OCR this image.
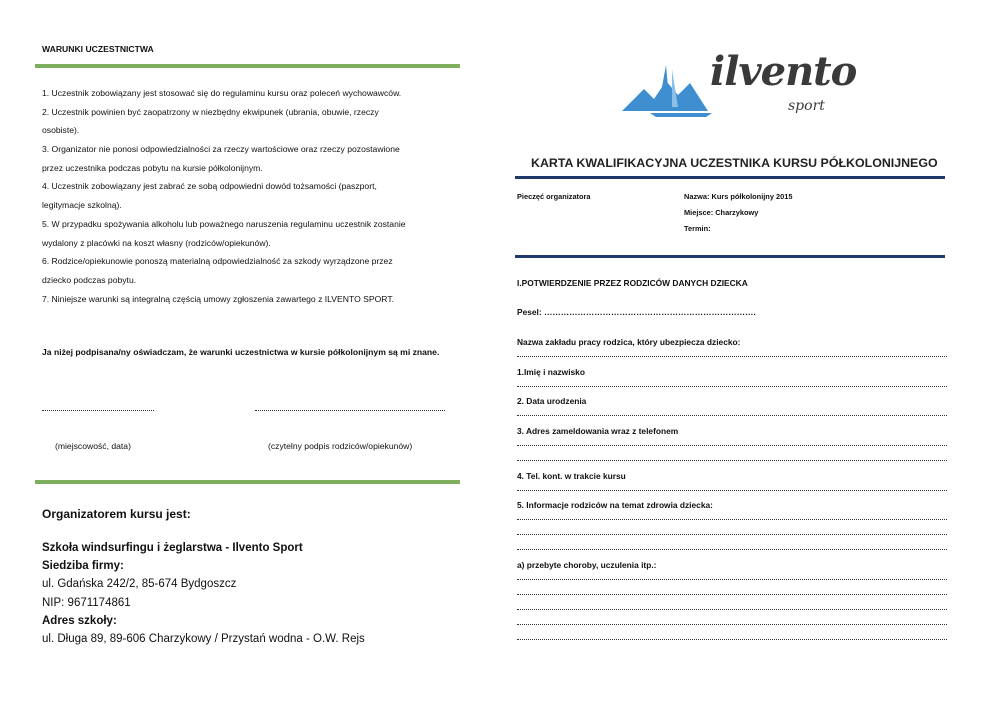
WARUNKI UCZESTNICTWA
1. Uczestnik zobowiązany jest stosować się do regulaminu kursu oraz poleceń wychowawców.
2. Uczestnik powinien być zaopatrzony w niezbędny ekwipunek (ubrania, obuwie, rzeczy
osobiste).
3. Organizator nie ponosi odpowiedzialności za rzeczy wartościowe oraz rzeczy pozostawione
przez uczestnika podczas pobytu na kursie półkolonijnym.
4. Uczestnik zobowiązany jest zabrać ze sobą odpowiedni dowód tożsamości (paszport,
legitymacje szkolną).
5. W przypadku spożywania alkoholu lub poważnego naruszenia regulaminu uczestnik zostanie
wydalony z placówki na koszt własny (rodziców/opiekunów).
6. Rodzice/opiekunowie ponoszą materialną odpowiedzialność za szkody wyrządzone przez
dziecko podczas pobytu.
7. Niniejsze warunki są integralną częścią umowy zgłoszenia zawartego z ILVENTO SPORT.
Ja niżej podpisana/ny oświadczam, że warunki uczestnictwa w kursie półkolonijnym są mi znane.
(miejscowość, data)	(czytelny podpis rodziców/opiekunów)
Organizatorem kursu jest:
Szkoła windsurfingu i żeglarstwa - Ilvento Sport
Siedziba firmy:
ul. Gdańska 242/2, 85-674 Bydgoszcz
NIP: 9671174861
Adres szkoły:
ul. Długa 89, 89-606 Charzykowy / Przystań wodna - O.W. Rejs
ilvento
sport
KARTA KWALIFIKACYJNA UCZESTNIKA KURSU PÓŁKOLONIJNEGO
Pieczęć organizatora	Nazwa: Kurs półkolonijny 2015
Miejsce: Charzykowy
Termin:
I.POTWIERDZENIE PRZEZ RODZICÓW DANYCH DZIECKA
Pesel: ………………………………………………………………….
Nazwa zakładu pracy rodzica, który ubezpiecza dziecko:
1.Imię i nazwisko
2. Data urodzenia
3. Adres zameldowania wraz z telefonem
4. Tel. kont. w trakcie kursu
5. Informacje rodziców na temat zdrowia dziecka:
a) przebyte choroby, uczulenia itp.:
